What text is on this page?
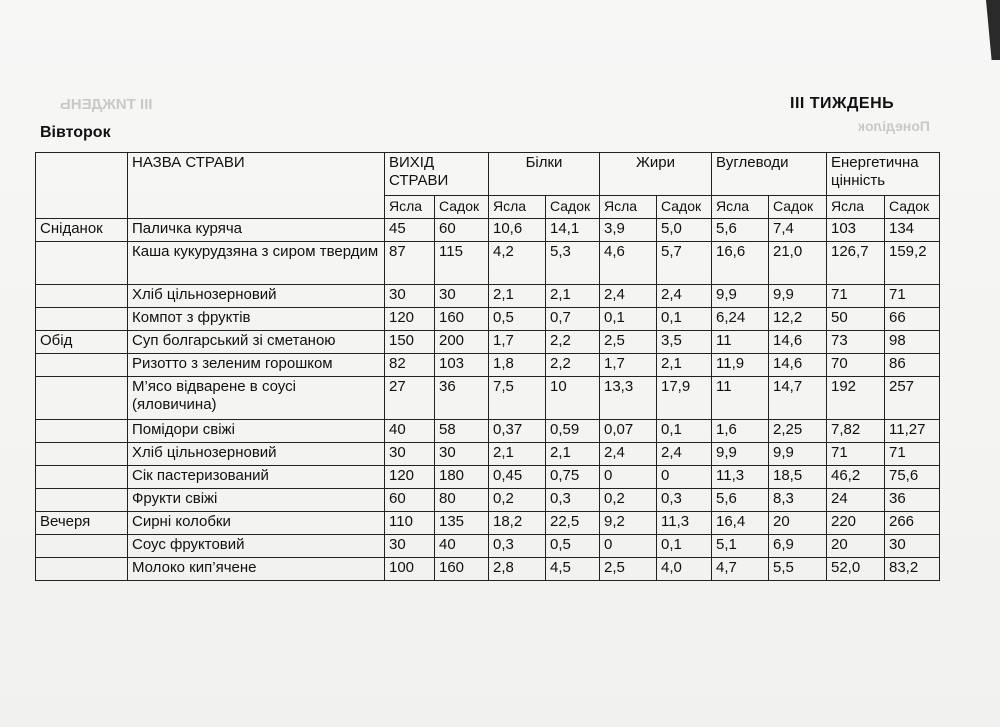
III ТИЖДЕНЬ
Понеділок
III ТИЖДЕНЬ
Вівторок
	НАЗВА СТРАВИ	ВИХІД СТРАВИ		Білки		Жири		Вуглеводи		Енергетична цінність	
		Ясла	Садок	Ясла	Садок	Ясла	Садок	Ясла	Садок	Ясла	Садок
Сніданок	Паличка куряча	45	60	10,6	14,1	3,9	5,0	5,6	7,4	103	134
	Каша кукурудзяна з сиром твердим	87	115	4,2	5,3	4,6	5,7	16,6	21,0	126,7	159,2
	Хліб цільнозерновий	30	30	2,1	2,1	2,4	2,4	9,9	9,9	71	71
	Компот з фруктів	120	160	0,5	0,7	0,1	0,1	6,24	12,2	50	66
Обід	Суп болгарський зі сметаною	150	200	1,7	2,2	2,5	3,5	11	14,6	73	98
	Ризотто з зеленим горошком	82	103	1,8	2,2	1,7	2,1	11,9	14,6	70	86
	М’ясо відварене в соусі (яловичина)	27	36	7,5	10	13,3	17,9	11	14,7	192	257
	Помідори свіжі	40	58	0,37	0,59	0,07	0,1	1,6	2,25	7,82	11,27
	Хліб цільнозерновий	30	30	2,1	2,1	2,4	2,4	9,9	9,9	71	71
	Сік пастеризований	120	180	0,45	0,75	0	0	11,3	18,5	46,2	75,6
	Фрукти свіжі	60	80	0,2	0,3	0,2	0,3	5,6	8,3	24	36
Вечеря	Сирні колобки	110	135	18,2	22,5	9,2	11,3	16,4	20	220	266
	Соус фруктовий	30	40	0,3	0,5	0	0,1	5,1	6,9	20	30
	Молоко кип’ячене	100	160	2,8	4,5	2,5	4,0	4,7	5,5	52,0	83,2
